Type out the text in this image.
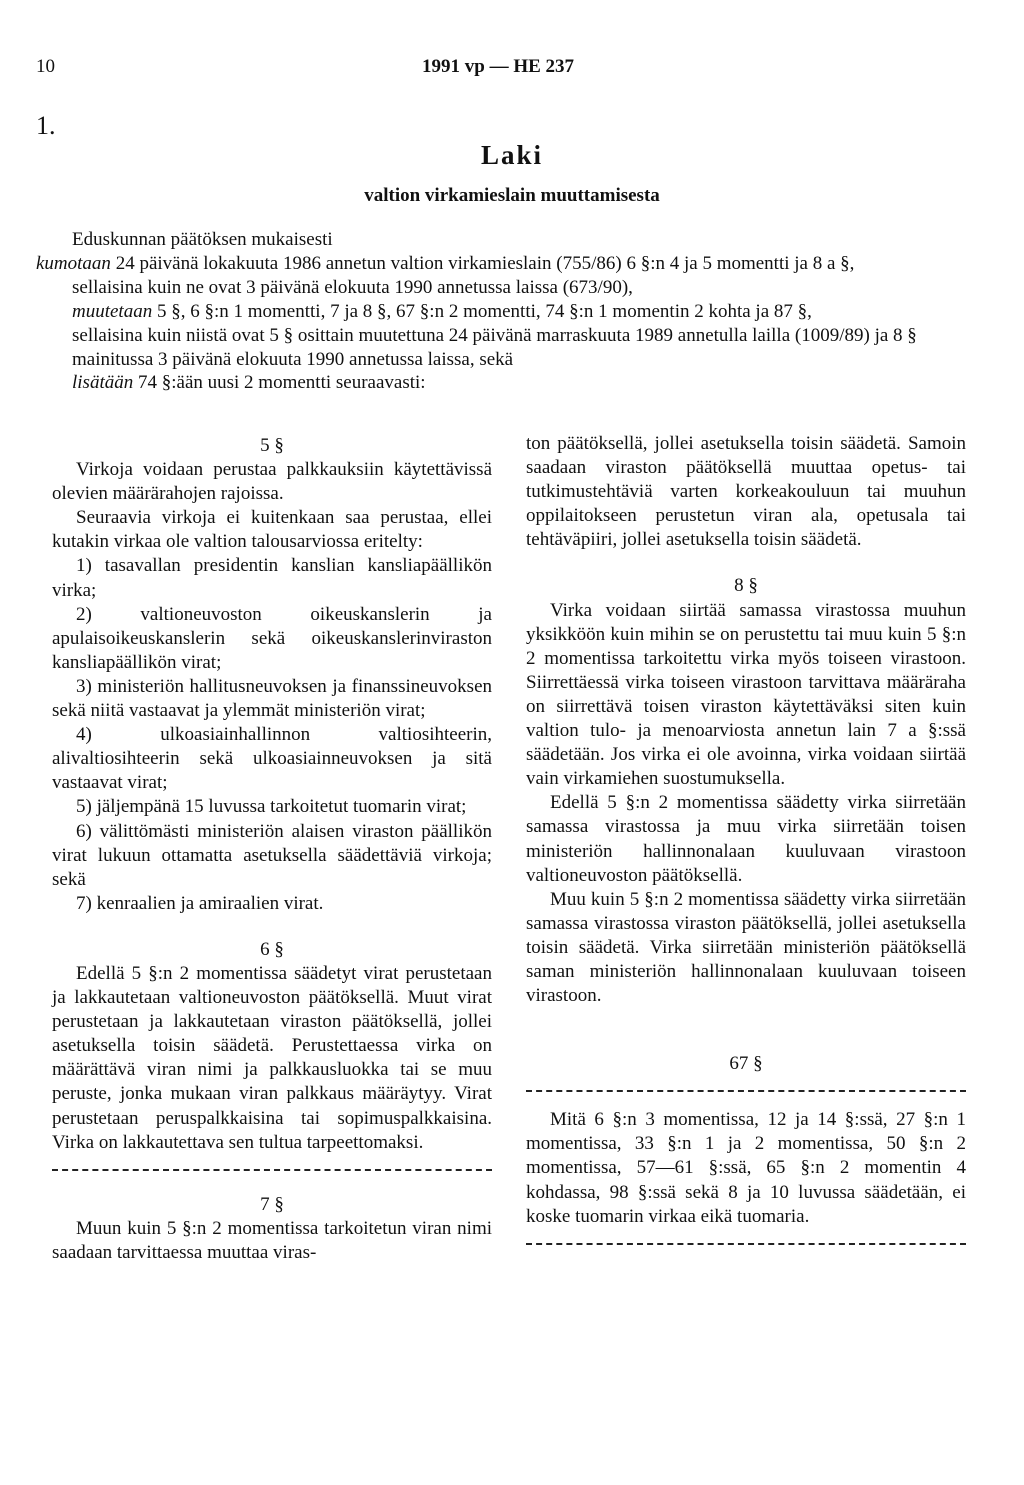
10	1991 vp — HE 237
1.
Laki
valtion virkamieslain muuttamisesta

Eduskunnan päätöksen mukaisesti

kumotaan 24 päivänä lokakuuta 1986 annetun valtion virkamieslain (755/86) 6 §:n 4 ja 5 momentti ja 8 a §,

sellaisina kuin ne ovat 3 päivänä elokuuta 1990 annetussa laissa (673/90),

muutetaan 5 §, 6 §:n 1 momentti, 7 ja 8 §, 67 §:n 2 momentti, 74 §:n 1 momentin 2 kohta ja 87 §,

sellaisina kuin niistä ovat 5 § osittain muutettuna 24 päivänä marraskuuta 1989 annetulla lailla (1009/89) ja 8 § mainitussa 3 päivänä elokuuta 1990 annetussa laissa, sekä

lisätään 74 §:ään uusi 2 momentti seuraavasti:

5 §

Virkoja voidaan perustaa palkkauksiin käytettävissä olevien määrärahojen rajoissa.

Seuraavia virkoja ei kuitenkaan saa perustaa, ellei kutakin virkaa ole valtion talousarviossa eritelty:

1) tasavallan presidentin kanslian kansliapäällikön virka;

2) valtioneuvoston oikeuskanslerin ja apulaisoikeuskanslerin sekä oikeuskanslerinviraston kansliapäällikön virat;

3) ministeriön hallitusneuvoksen ja finanssineuvoksen sekä niitä vastaavat ja ylemmät ministeriön virat;

4) ulkoasiainhallinnon valtiosihteerin, alivaltiosihteerin sekä ulkoasiainneuvoksen ja sitä vastaavat virat;

5) jäljempänä 15 luvussa tarkoitetut tuomarin virat;

6) välittömästi ministeriön alaisen viraston päällikön virat lukuun ottamatta asetuksella säädettäviä virkoja; sekä

7) kenraalien ja amiraalien virat.

6 §

Edellä 5 §:n 2 momentissa säädetyt virat perustetaan ja lakkautetaan valtioneuvoston päätöksellä. Muut virat perustetaan ja lakkautetaan viraston päätöksellä, jollei asetuksella toisin säädetä. Perustettaessa virka on määrättävä viran nimi ja palkkausluokka tai se muu peruste, jonka mukaan viran palkkaus määräytyy. Virat perustetaan peruspalkkaisina tai sopimuspalkkaisina. Virka on lakkautettava sen tultua tarpeettomaksi.

7 §

Muun kuin 5 §:n 2 momentissa tarkoitetun viran nimi saadaan tarvittaessa muuttaa viras-

ton päätöksellä, jollei asetuksella toisin säädetä. Samoin saadaan viraston päätöksellä muuttaa opetus- tai tutkimustehtäviä varten korkeakouluun tai muuhun oppilaitokseen perustetun viran ala, opetusala tai tehtäväpiiri, jollei asetuksella toisin säädetä.

8 §

Virka voidaan siirtää samassa virastossa muuhun yksikköön kuin mihin se on perustettu tai muu kuin 5 §:n 2 momentissa tarkoitettu virka myös toiseen virastoon. Siirrettäessä virka toiseen virastoon tarvittava määräraha on siirrettävä toisen viraston käytettäväksi siten kuin valtion tulo- ja menoarviosta annetun lain 7 a §:ssä säädetään. Jos virka ei ole avoinna, virka voidaan siirtää vain virkamiehen suostumuksella.

Edellä 5 §:n 2 momentissa säädetty virka siirretään samassa virastossa ja muu virka siirretään toisen ministeriön hallinnonalaan kuuluvaan virastoon valtioneuvoston päätöksellä.

Muu kuin 5 §:n 2 momentissa säädetty virka siirretään samassa virastossa viraston päätöksellä, jollei asetuksella toisin säädetä. Virka siirretään ministeriön päätöksellä saman ministeriön hallinnonalaan kuuluvaan toiseen virastoon.

67 §

Mitä 6 §:n 3 momentissa, 12 ja 14 §:ssä, 27 §:n 1 momentissa, 33 §:n 1 ja 2 momentissa, 50 §:n 2 momentissa, 57—61 §:ssä, 65 §:n 2 momentin 4 kohdassa, 98 §:ssä sekä 8 ja 10 luvussa säädetään, ei koske tuomarin virkaa eikä tuomaria.
